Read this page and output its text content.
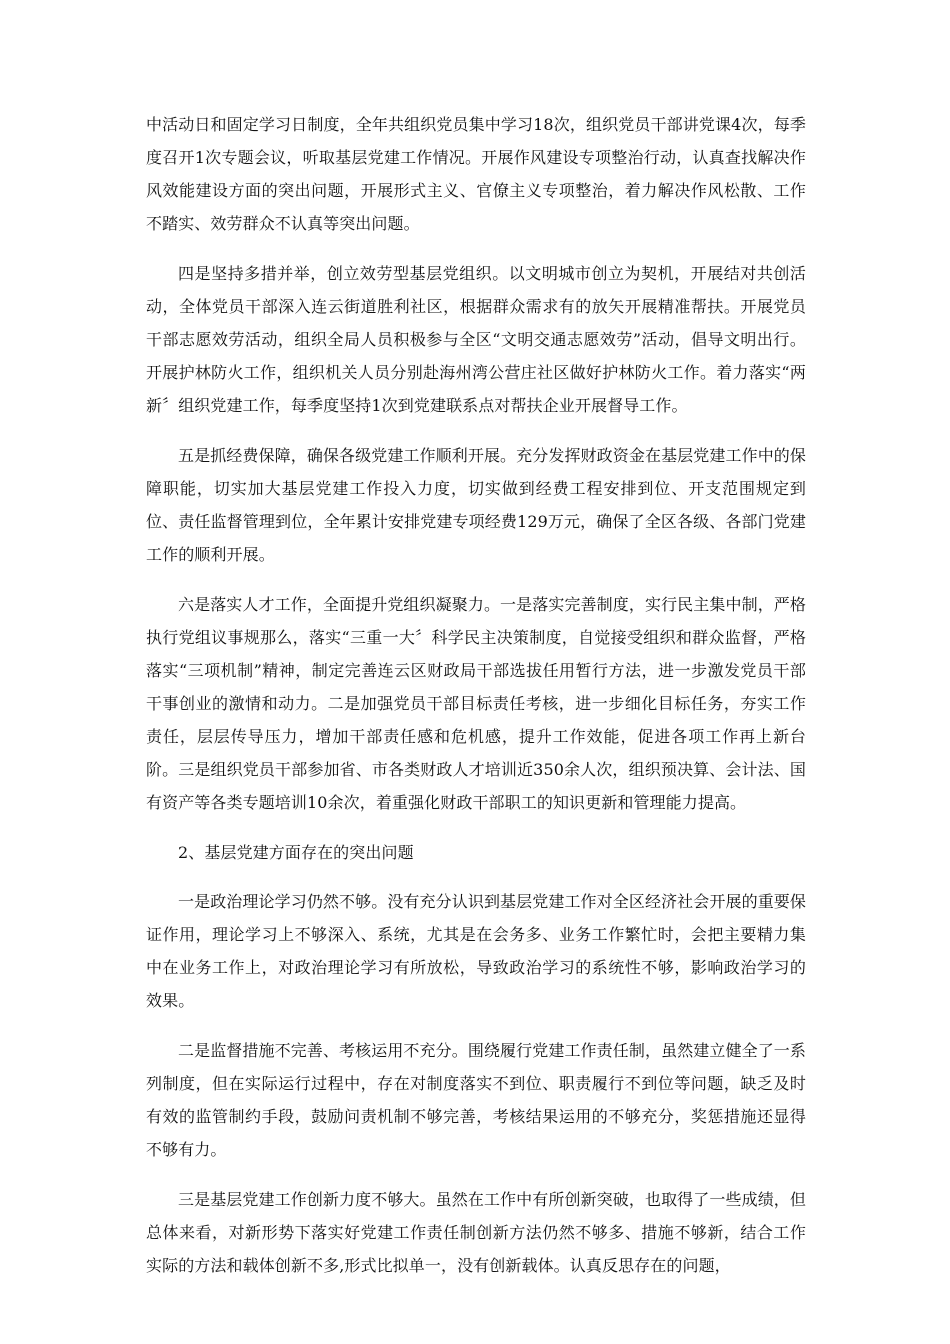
中活动日和固定学习日制度，全年共组织党员集中学习18次，组织党员干部讲党课4次，每季度召开1次专题会议，听取基层党建工作情况。开展作风建设专项整治行动，认真查找解决作风效能建设方面的突出问题，开展形式主义、官僚主义专项整治，着力解决作风松散、工作不踏实、效劳群众不认真等突出问题。

四是坚持多措并举，创立效劳型基层党组织。以文明城市创立为契机，开展结对共创活动，全体党员干部深入连云街道胜利社区，根据群众需求有的放矢开展精准帮扶。开展党员干部志愿效劳活动，组织全局人员积极参与全区“文明交通志愿效劳”活动，倡导文明出行。开展护林防火工作，组织机关人员分别赴海州湾公营庄社区做好护林防火工作。着力落实“两新〞组织党建工作，每季度坚持1次到党建联系点对帮扶企业开展督导工作。

五是抓经费保障，确保各级党建工作顺利开展。充分发挥财政资金在基层党建工作中的保障职能，切实加大基层党建工作投入力度，切实做到经费工程安排到位、开支范围规定到位、责任监督管理到位，全年累计安排党建专项经费129万元，确保了全区各级、各部门党建工作的顺利开展。

六是落实人才工作，全面提升党组织凝聚力。一是落实完善制度，实行民主集中制，严格执行党组议事规那么，落实“三重一大〞科学民主决策制度，自觉接受组织和群众监督，严格落实“三项机制”精神，制定完善连云区财政局干部选拔任用暂行方法，进一步激发党员干部干事创业的激情和动力。二是加强党员干部目标责任考核，进一步细化目标任务，夯实工作责任，层层传导压力，增加干部责任感和危机感，提升工作效能，促进各项工作再上新台阶。三是组织党员干部参加省、市各类财政人才培训近350余人次，组织预决算、会计法、国有资产等各类专题培训10余次，着重强化财政干部职工的知识更新和管理能力提高。

2、基层党建方面存在的突出问题

一是政治理论学习仍然不够。没有充分认识到基层党建工作对全区经济社会开展的重要保证作用，理论学习上不够深入、系统，尤其是在会务多、业务工作繁忙时，会把主要精力集中在业务工作上，对政治理论学习有所放松，导致政治学习的系统性不够，影响政治学习的效果。

二是监督措施不完善、考核运用不充分。围绕履行党建工作责任制，虽然建立健全了一系列制度，但在实际运行过程中，存在对制度落实不到位、职责履行不到位等问题，缺乏及时有效的监管制约手段，鼓励问责机制不够完善，考核结果运用的不够充分，奖惩措施还显得不够有力。

三是基层党建工作创新力度不够大。虽然在工作中有所创新突破，也取得了一些成绩，但总体来看，对新形势下落实好党建工作责任制创新方法仍然不够多、措施不够新，结合工作实际的方法和载体创新不多,形式比拟单一，没有创新载体。认真反思存在的问题，
